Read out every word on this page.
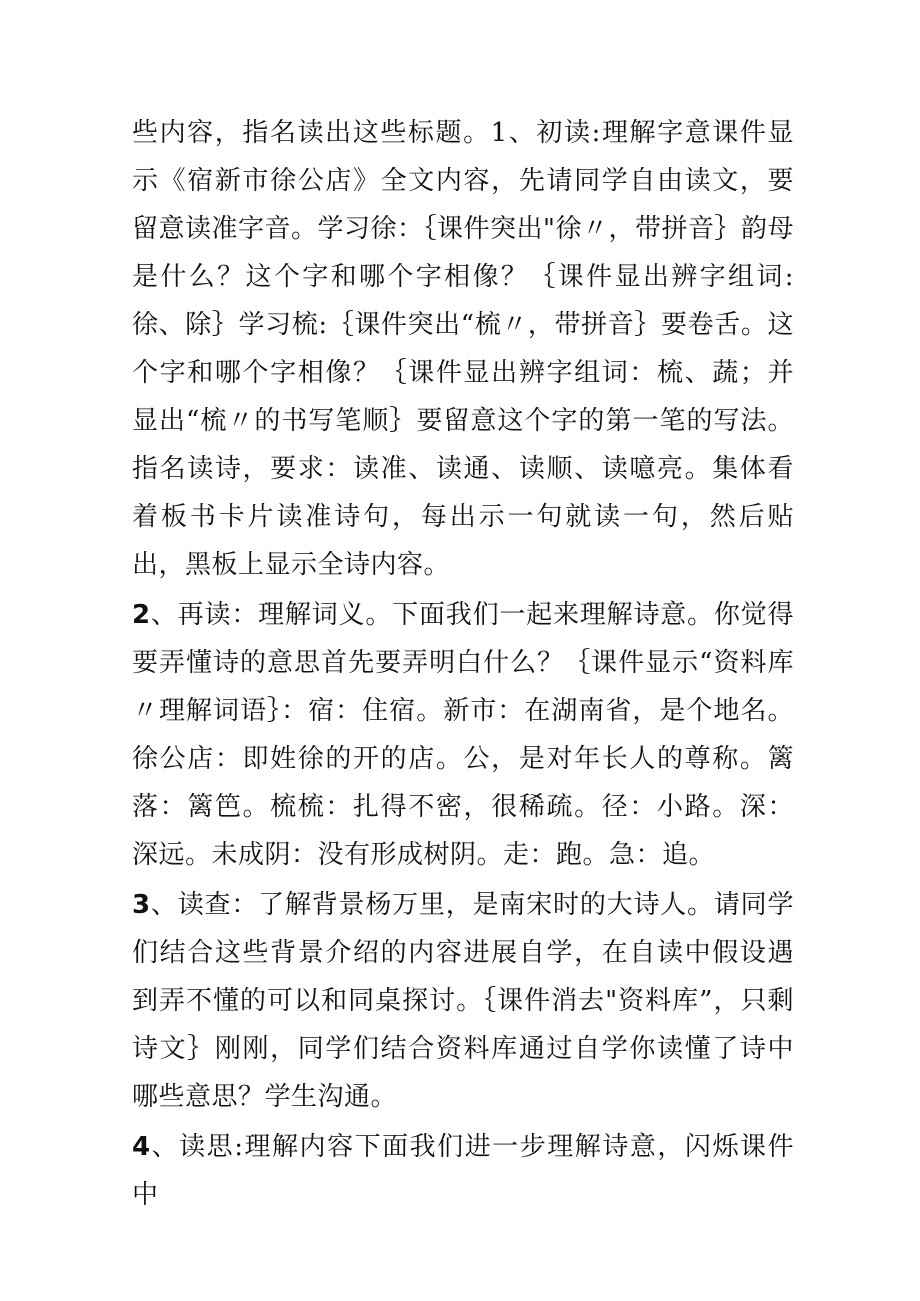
些内容，指名读出这些标题。1、初读:理解字意课件显示《宿新市徐公店》全文内容，先请同学自由读文，要留意读准字音。学习徐：｛课件突出"徐〃，带拼音｝韵母是什么？这个字和哪个字相像？｛课件显出辨字组词:徐、除｝学习梳:｛课件突出“梳〃，带拼音｝要卷舌。这个字和哪个字相像？｛课件显出辨字组词：梳、蔬；并显出“梳〃的书写笔顺｝要留意这个字的第一笔的写法。指名读诗，要求：读准、读通、读顺、读噫亮。集体看着板书卡片读准诗句，每出示一句就读一句，然后贴出，黑板上显示全诗内容。

2、再读：理解词义。下面我们一起来理解诗意。你觉得要弄懂诗的意思首先要弄明白什么？｛课件显示“资料库〃理解词语｝：宿：住宿。新市：在湖南省，是个地名。徐公店：即姓徐的开的店。公，是对年长人的尊称。篱落：篱笆。梳梳：扎得不密，很稀疏。径：小路。深：深远。未成阴：没有形成树阴。走：跑。急：追。

3、读查：了解背景杨万里，是南宋时的大诗人。请同学们结合这些背景介绍的内容进展自学，在自读中假设遇到弄不懂的可以和同桌探讨。｛课件消去"资料库”，只剩诗文｝刚刚，同学们结合资料库通过自学你读懂了诗中哪些意思？学生沟通。

4、读思:理解内容下面我们进一步理解诗意，闪烁课件中
